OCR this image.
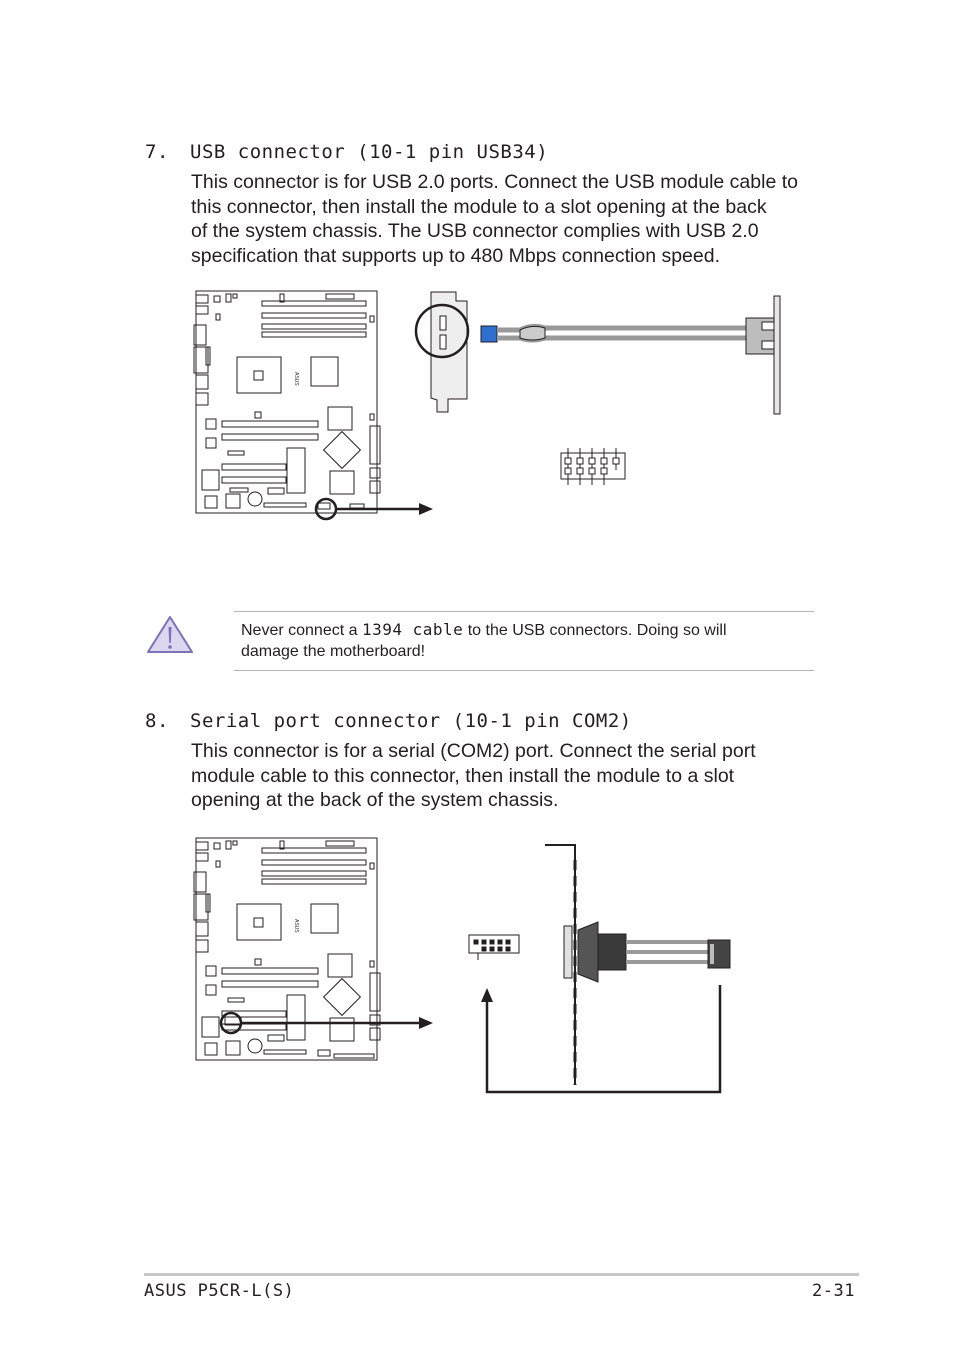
7. USB connector (10-1 pin USB34)
This connector is for USB 2.0 ports. Connect the USB module cable to
this connector, then install the module to a slot opening at the back
of the system chassis. The USB connector complies with USB 2.0
specification that supports up to 480 Mbps connection speed.
ASUS
Never connect a 1394 cable to the USB connectors. Doing so will
damage the motherboard!
8. Serial port connector (10-1 pin COM2)
This connector is for a serial (COM2) port. Connect the serial port
module cable to this connector, then install the module to a slot
opening at the back of the system chassis.
ASUS
ASUS P5CR-L(S)	2-31
